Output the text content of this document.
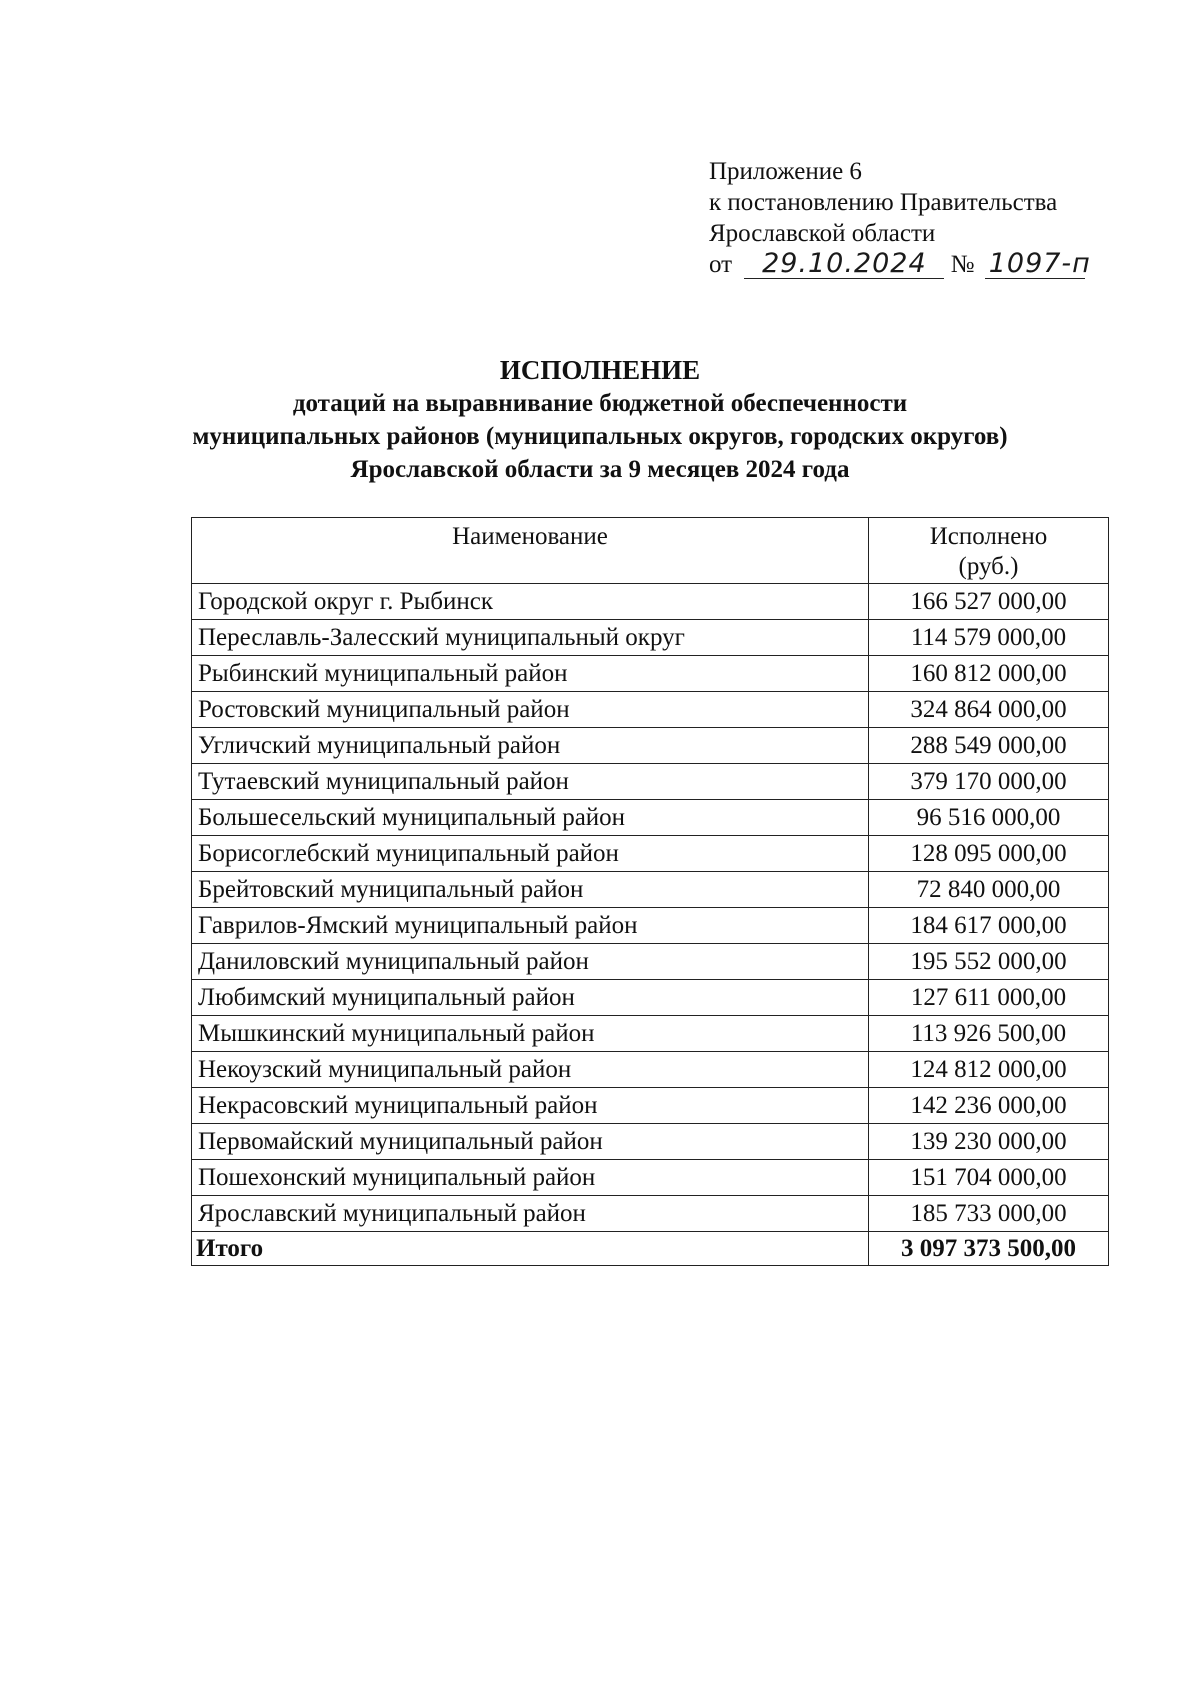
Приложение 6
к постановлению Правительства
Ярославской области
от 29.10.2024 № 1097-п
ИСПОЛНЕНИЕ
дотаций на выравнивание бюджетной обеспеченности
муниципальных районов (муниципальных округов, городских округов)
Ярославской области за 9 месяцев 2024 года
Наименование	Исполнено
(руб.)

Городской округ г. Рыбинск	166 527 000,00
Переславль-Залесский муниципальный округ	114 579 000,00
Рыбинский муниципальный район	160 812 000,00
Ростовский муниципальный район	324 864 000,00
Угличский муниципальный район	288 549 000,00
Тутаевский муниципальный район	379 170 000,00
Большесельский муниципальный район	96 516 000,00
Борисоглебский муниципальный район	128 095 000,00
Брейтовский муниципальный район	72 840 000,00
Гаврилов-Ямский муниципальный район	184 617 000,00
Даниловский муниципальный район	195 552 000,00
Любимский муниципальный район	127 611 000,00
Мышкинский муниципальный район	113 926 500,00
Некоузский муниципальный район	124 812 000,00
Некрасовский муниципальный район	142 236 000,00
Первомайский муниципальный район	139 230 000,00
Пошехонский муниципальный район	151 704 000,00
Ярославский муниципальный район	185 733 000,00
Итого	3 097 373 500,00
